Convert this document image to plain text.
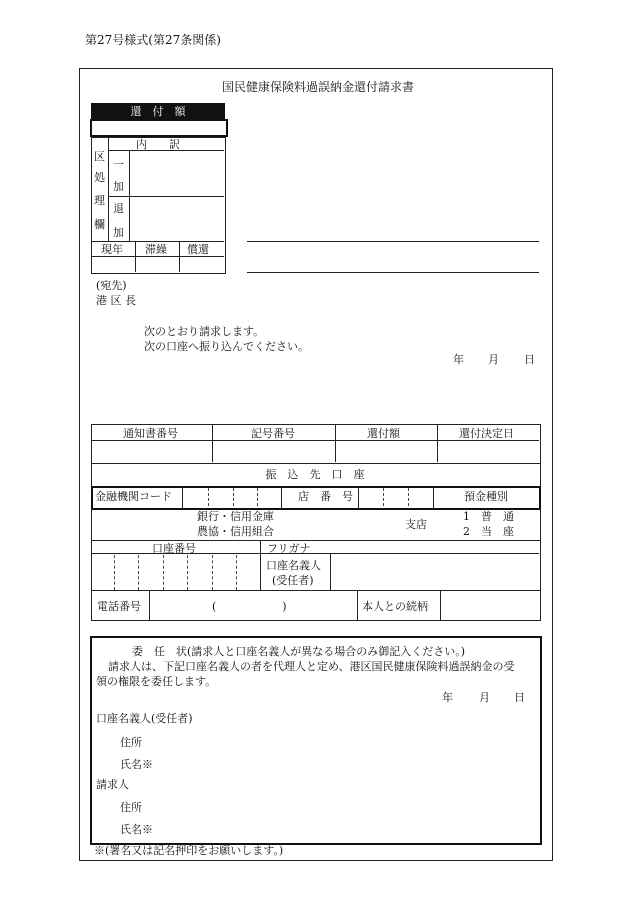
第27号様式(第27条関係)
国民健康保険料過誤納金還付請求書
還　付　額
内　　訳
区
処
理
欄
一
加
退
加
現年 滞繰 償還
(宛先)
港 区 長
次のとおり請求します。
次の口座へ振り込んでください。
年 月 日
通知書番号	記号番号	還付額	還付決定日
振　込　先　口　座
金融機関コード	店　番　号	預金種別
銀行・信用金庫
農協・信用組合
支店
1　普　通
2　当　座
口座番号	フリガナ
口座名義人
(受任者)
電話番号	(　　　　　　)	本人との続柄
委　任　状(請求人と口座名義人が異なる場合のみ御記入ください。)
請求人は、下記口座名義人の者を代理人と定め、港区国民健康保険料過誤納金の受
領の権限を委任します。
年 月 日
口座名義人(受任者)
住所
氏名※
請求人
住所
氏名※
※(署名又は記名押印をお願いします。)
